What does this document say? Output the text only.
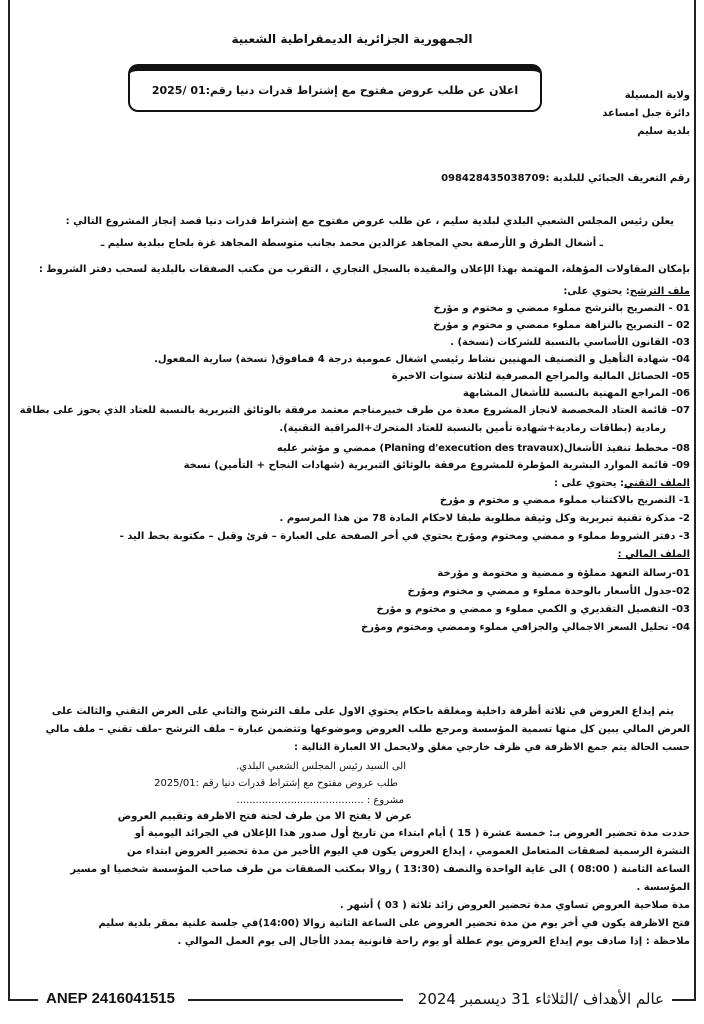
الجمهورية الجزائرية الديمقراطية الشعبية
اعلان عن طلب عروض مفتوح مع إشتراط قدرات دنيا رقم:01 /2025	ولاية المسيلة
دائرة جبل امساعد
بلدية سليم
رقم التعريف الجبائي للبلدية :098428435038709
يعلن رئيس المجلس الشعبي البلدي لبلدية سليم ، عن طلب عروض مفتوح مع إشتراط قدرات دنيا قصد إنجاز المشروع التالي :
ـ أشغال الطرق و الأرصفة بحي المجاهد عزالدين محمد بجانب متوسطة المجاهد غزة بلحاج ببلدية سليم ـ
بإمكان المقاولات المؤهلة، المهتمة بهذا الإعلان والمقيدة بالسجل التجاري ، التقرب من مكتب الصفقات بالبلدية لسحب دفتر الشروط :
ملف الترشح: يحتوي على:
01 - التصريح بالترشح مملوء ممضي و مختوم و مؤرخ
02 – التصريح بالنزاهة مملوء ممضي و مختوم و مؤرخ
03- القانون الأساسي بالنسبة للشركات (نسخة) .
04- شهادة التأهيل و التصنيف المهنيين نشاط رئيسي اشغال عمومية درجة 4 فمافوق( نسخة) سارية المفعول.
05- الحصائل المالية والمراجع المصرفية لثلاثة سنوات الاخيرة
06- المراجع المهنية بالنسبة للأشغال المشابهة
07– قائمة العتاد المخصصة لانجاز المشروع معدة من طرف خبيرمناجم معتمد مرفقة بالوثائق التبريرية بالنسبة للعتاد الذي يحوز على بطاقة
رمادية (بطاقات رمادية+شهادة تأمين بالنسبة للعتاد المتحرك+المراقبة التقنية).
08- مخطط تنفيذ الأشغال(Planing d'execution des travaux) ممضي و مؤشر عليه
09- قائمة الموارد البشرية المؤطرة للمشروع مرفقة بالوثائق التبريرية (شهادات النجاح + التأمين) نسخة
الملف التقني: يحتوي على :
1- التصريح بالاكتتاب مملوء ممضي و مختوم و مؤرخ
2- مذكرة تقنية تبريرية وكل وثيقة مطلوبة طبقا لاحكام المادة 78 من هذا المرسوم .
3- دفتر الشروط مملوء و ممضي ومختوم ومؤرخ يحتوي في أخر الصفحة على العبارة – قرئ وقبل – مكتوبة بخط اليد -
الملف المالي :
01-رسالة التعهد مملؤة و ممضية و مختومة و مؤرخة
02-جدول الأسعار بالوحدة مملوء و ممضي و مختوم ومؤرخ
03- التفصيل التقديري و الكمي مملوء و ممضي و مختوم و مؤرخ
04- تحليل السعر الاجمالي والجزافي مملوء وممضي ومختوم ومؤرخ
يتم إيداع العروض في ثلاثة أظرفة داخلية ومغلقة باحكام يحتوي الاول على ملف الترشح والثاني على العرض التقني والثالث على
العرض المالي يبين كل منها تسمية المؤسسة ومرجع طلب العروض وموضوعها وتتضمن عبارة – ملف الترشح -ملف تقني – ملف مالي
حسب الحالة يتم جمع الاظرفة في ظرف خارجي مغلق ولايحمل الا العبارة التالية :
الى السيد رئيس المجلس الشعبي البلدي.
طلب عروض مفتوح مع إشتراط قدرات دنيا رقم :2025/01
مشروع : ........................................
عرض لا يفتح الا من طرف لجنة فتح الاظرفة وتقييم العروض
حددت مدة تحضير العروض بـ: خمسة عشرة ( 15 ) أيام ابتداء من تاريخ أول صدور هذا الإعلان في الجرائد اليومية أو
النشرة الرسمية لصفقات المتعامل العمومي ، إيداع العروض يكون في اليوم الأخير من مدة تحضير العروض ابتداء من
الساعة الثامنة ( 08:00 ) الى غاية الواحدة والنصف (13:30 ) زوالا بمكتب الصفقات من طرف صاحب المؤسسة شخصيا او مسير
المؤسسة .
مدة صلاحية العروض تساوي مدة تحضير العروض زائد ثلاثة ( 03 ) أشهر .
فتح الاظرفة يكون في أخر يوم من مدة تحضير العروض على الساعة الثانية زوالا (14:00)في جلسة علنية بمقر بلدية سليم
ملاحظة : إذا صادف يوم إيداع العروض يوم عطلة أو يوم راحة قانونية يمدد الأجال إلى يوم العمل الموالي .
ANEP 2416041515	عالم الأهداف /الثلاثاء 31 ديسمبر 2024
